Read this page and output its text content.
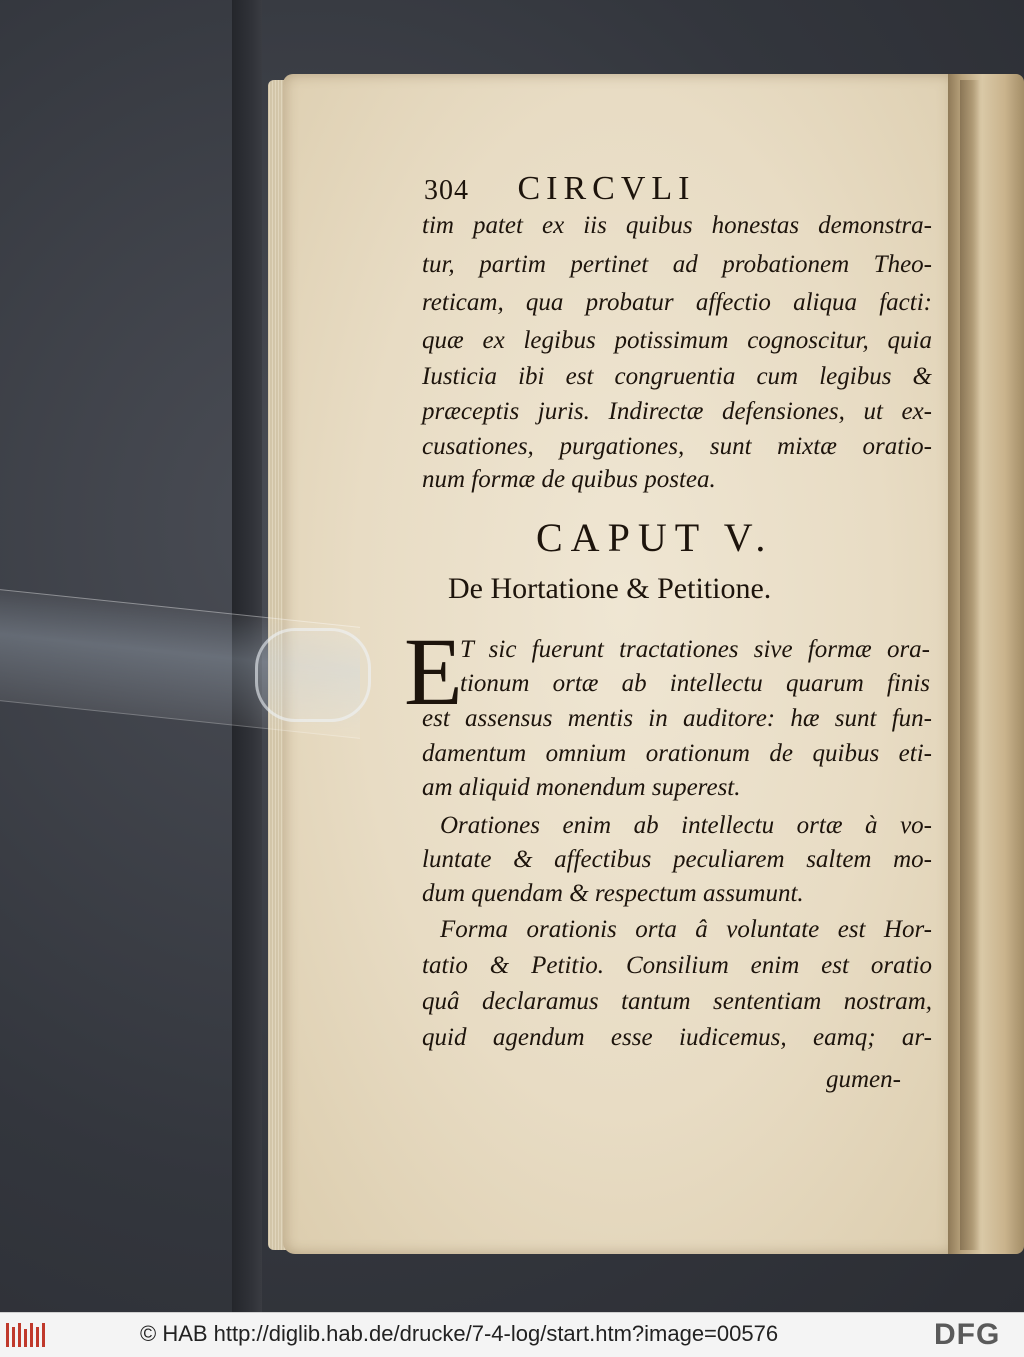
304 CIRCVLI
tim patet ex iis quibus honestas demonstra-
tur, partim pertinet ad probationem Theo-
reticam, qua probatur affectio aliqua facti:
quæ ex legibus potissimum cognoscitur, quia
Iusticia ibi est congruentia cum legibus &
præceptis juris. Indirectæ defensiones, ut ex-
cusationes, purgationes, sunt mixtæ oratio-
num formæ de quibus postea.
CAPUT V.
De Hortatione & Petitione.
E
T sic fuerunt tractationes sive formæ ora-
tionum ortæ ab intellectu quarum finis
est assensus mentis in auditore: hæ sunt fun-
damentum omnium orationum de quibus eti-
am aliquid monendum superest.
Orationes enim ab intellectu ortæ à vo-
luntate & affectibus peculiarem saltem mo-
dum quendam & respectum assumunt.
Forma orationis orta â voluntate est Hor-
tatio & Petitio. Consilium enim est oratio
quâ declaramus tantum sententiam nostram,
quid agendum esse iudicemus, eamq; ar-
gumen-
© HAB http://diglib.hab.de/drucke/7-4-log/start.htm?image=00576	DFG
